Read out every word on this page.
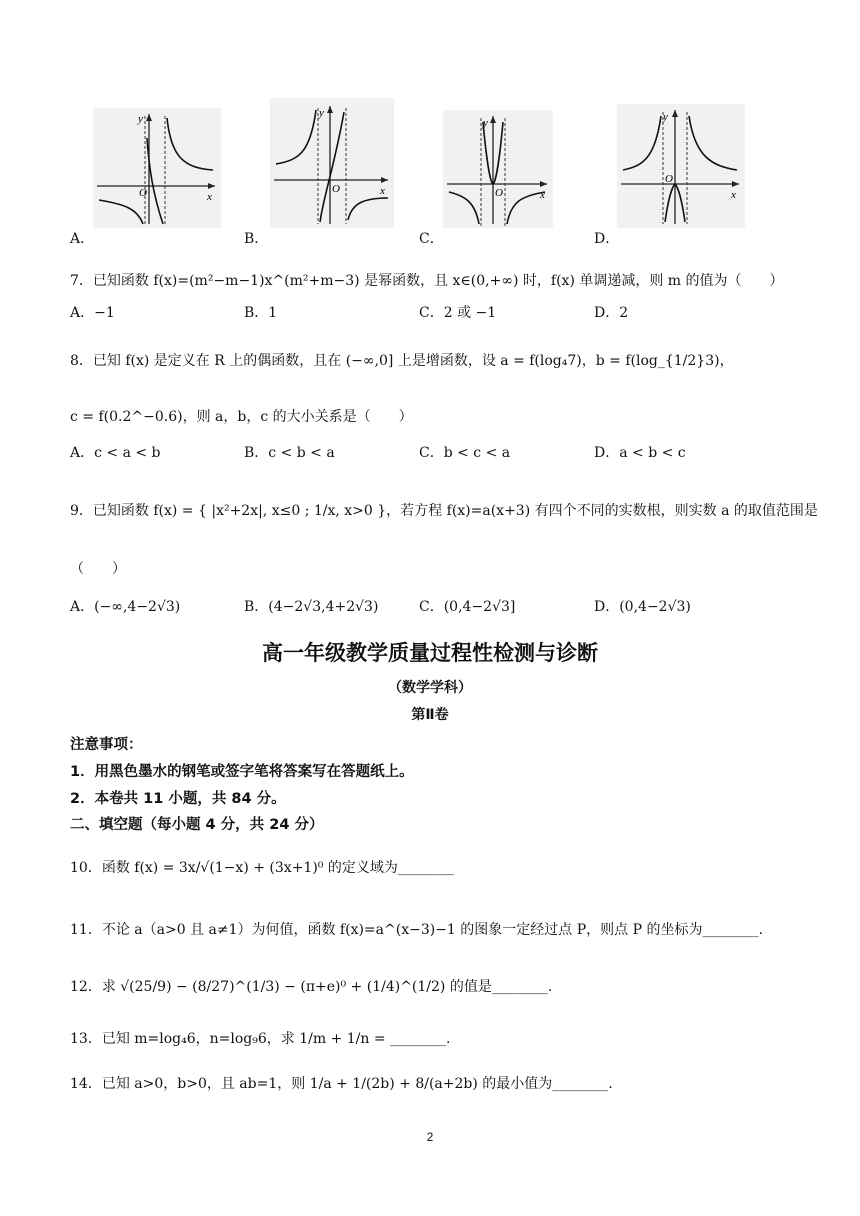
y
x
O
y
x
O
y
x
O
y
x
O
A．	B．	C．	D．
7．已知函数 f(x)=(m²−m−1)x^(m²+m−3) 是幂函数，且 x∈(0,+∞) 时，f(x) 单调递减，则 m 的值为（　　）
A．−1	B．1	C．2 或 −1	D．2
8．已知 f(x) 是定义在 R 上的偶函数，且在 (−∞,0] 上是增函数，设 a = f(log₄7)，b = f(log_{1/2}3)，
c = f(0.2^−0.6)，则 a，b，c 的大小关系是（　　）
A．c < a < b	B．c < b < a	C．b < c < a	D．a < b < c
9．已知函数 f(x) = { |x²+2x|, x≤0 ; 1/x, x>0 }，若方程 f(x)=a(x+3) 有四个不同的实数根，则实数 a 的取值范围是
（　　）
A．(−∞,4−2√3)	B．(4−2√3,4+2√3)	C．(0,4−2√3]	D．(0,4−2√3)
高一年级教学质量过程性检测与诊断
（数学学科）
第Ⅱ卷
注意事项：
1．用黑色墨水的钢笔或签字笔将答案写在答题纸上。
2．本卷共 11 小题，共 84 分。
二、填空题（每小题 4 分，共 24 分）
10．函数 f(x) = 3x/√(1−x) + (3x+1)⁰ 的定义域为________
11．不论 a（a>0 且 a≠1）为何值，函数 f(x)=a^(x−3)−1 的图象一定经过点 P，则点 P 的坐标为________.
12．求 √(25/9) − (8/27)^(1/3) − (π+e)⁰ + (1/4)^(1/2) 的值是________.
13．已知 m=log₄6，n=log₉6，求 1/m + 1/n = ________.
14．已知 a>0，b>0，且 ab=1，则 1/a + 1/(2b) + 8/(a+2b) 的最小值为________.
2
